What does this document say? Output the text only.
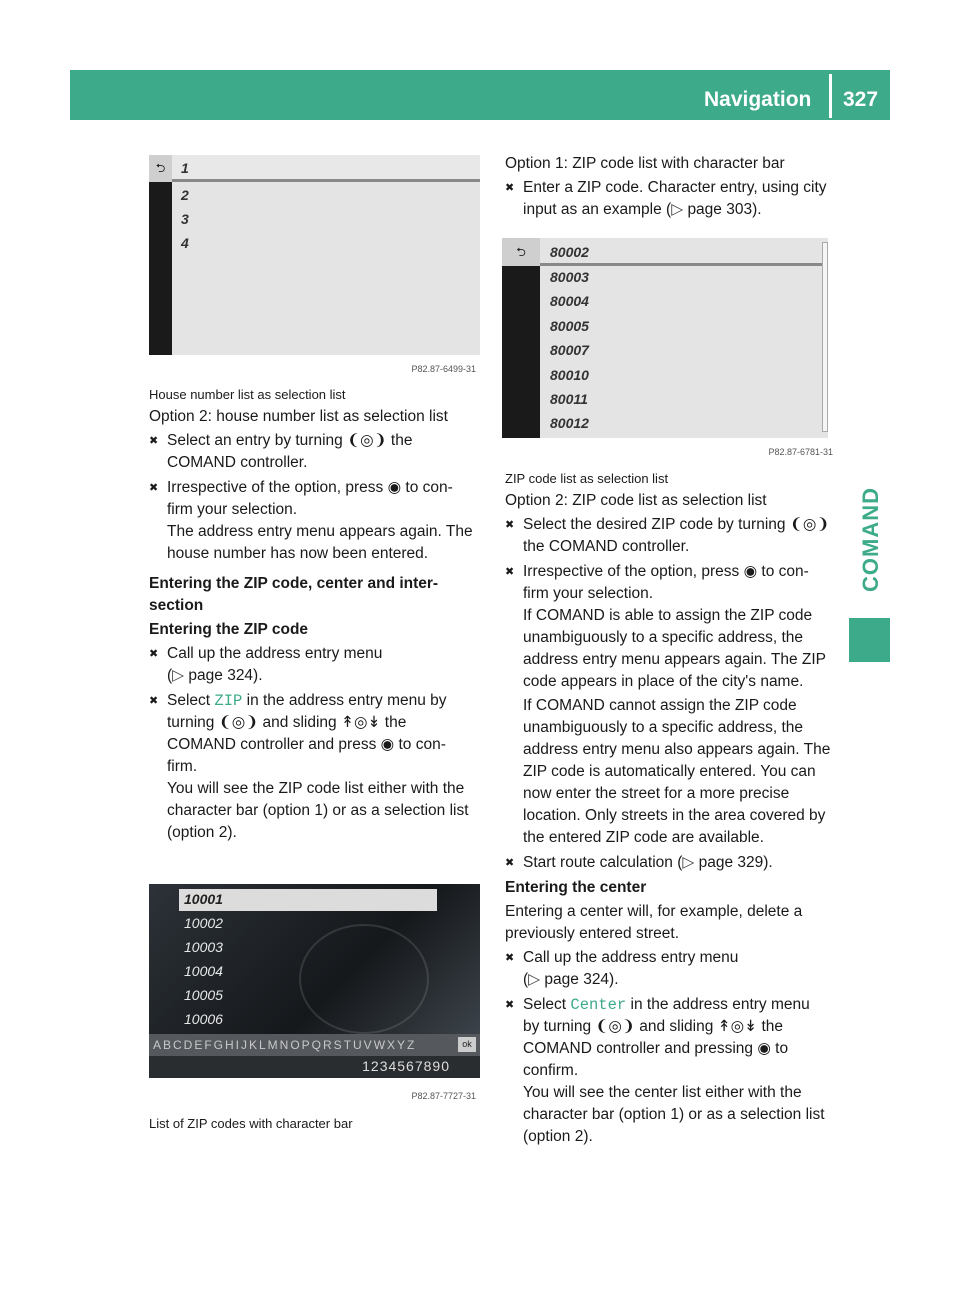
Navigation 327
COMAND
⮌	1
2
3
4
P82.87-6499-31

House number list as selection list

Option 2: house number list as selection list

✖ Select an entry by turning ❨◎❩ the
COMAND controller.
✖ Irrespective of the option, press ◉ to con-
firm your selection.
The address entry menu appears again. The house number has now been entered.

Entering the ZIP code, center and inter- section

Entering the ZIP code

✖ Call up the address entry menu
(▷ page 324).
✖ Select ZIP in the address entry menu by
turning ❨◎❩ and sliding ↟◎↡ the
COMAND controller and press ◉ to con-
firm.
You will see the ZIP code list either with the character bar (option 1) or as a selection list (option 2).
10001
10002
10003
10004
10005
10006
ABCDEFGHIJKLMNOPQRSTUVWXYZ	ok
1234567890
P82.87-7727-31
List of ZIP codes with character bar

Option 1: ZIP code list with character bar

✖ Enter a ZIP code. Character entry, using city input as an example (▷ page 303).
⮌	80002
80003
80004
80005
80007
80010
80011
80012
P82.87-6781-31

ZIP code list as selection list

Option 2: ZIP code list as selection list

✖ Select the desired ZIP code by turning ❨◎❩
the COMAND controller.
✖ Irrespective of the option, press ◉ to con-
firm your selection.
If COMAND is able to assign the ZIP code unambiguously to a specific address, the address entry menu appears again. The ZIP code appears in place of the city's name.

If COMAND cannot assign the ZIP code unambiguously to a specific address, the address entry menu also appears again. The ZIP code is automatically entered. You can now enter the street for a more precise location. Only streets in the area covered by the entered ZIP code are available.

✖ Start route calculation (▷ page 329).

Entering the center

Entering a center will, for example, delete a previously entered street.

✖ Call up the address entry menu
(▷ page 324).
✖ Select Center in the address entry menu
by turning ❨◎❩ and sliding ↟◎↡ the
COMAND controller and pressing ◉ to
confirm.
You will see the center list either with the character bar (option 1) or as a selection list (option 2).
